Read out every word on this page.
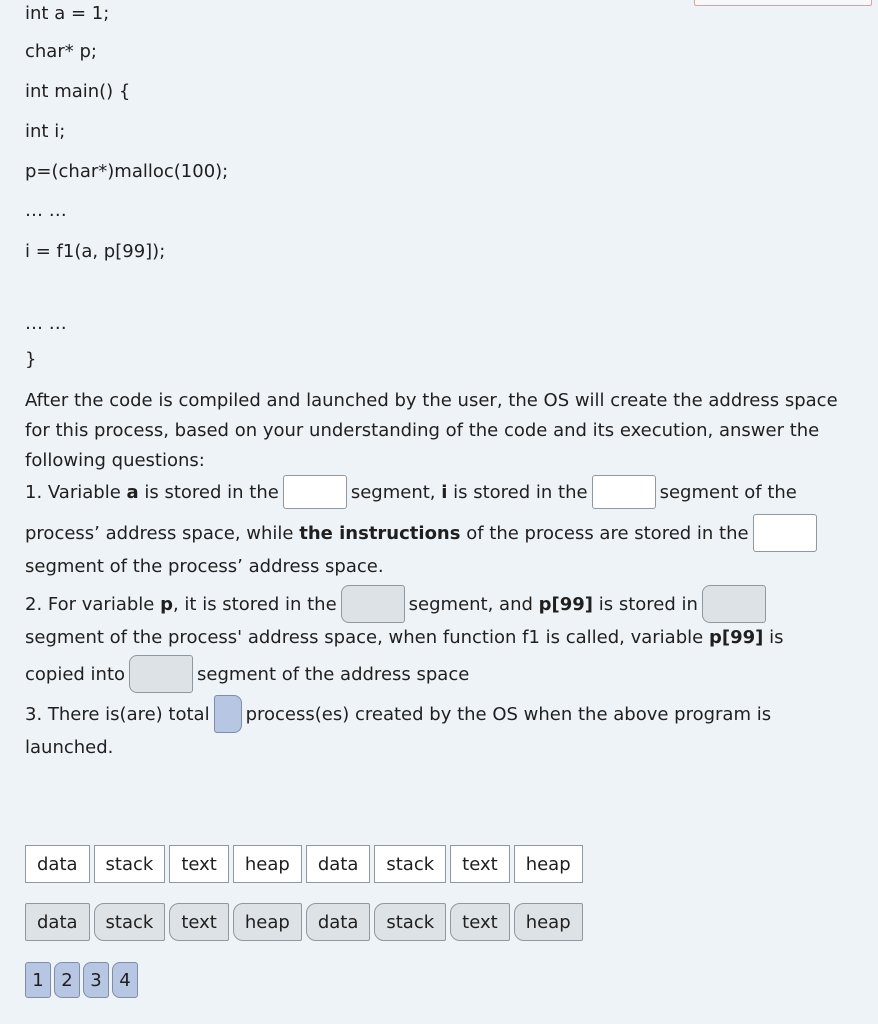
int a = 1;
char* p;
int main() {
int i;
p=(char*)malloc(100);
… …
i = f1(a, p[99]);
… …
}
After the code is compiled and launched by the user, the OS will create the address space for this process, based on your understanding of the code and its execution, answer the following questions:
1. Variable a is stored in the	segment, i is stored in the	segment of the
process’ address space, while the instructions of the process are stored in the
segment of the process’ address space.
2. For variable p , it is stored in the	segment, and p[99] is stored in
segment of the process' address space, when function f1 is called, variable p[99] is
copied into	segment of the address space
3. There is(are) total process(es) created by the OS when the above program is
launched.
data	stack	text	heap	data	stack	text	heap
data	stack	text	heap	data	stack	text	heap
1 2 3 4
